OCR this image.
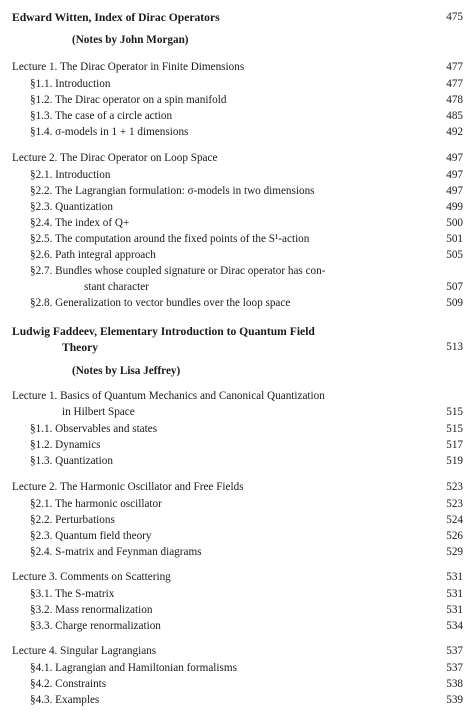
Edward Witten, Index of Dirac Operators	475
(Notes by John Morgan)
Lecture 1. The Dirac Operator in Finite Dimensions	477
§1.1. Introduction	477
§1.2. The Dirac operator on a spin manifold	478
§1.3. The case of a circle action	485
§1.4. σ-models in 1 + 1 dimensions	492
Lecture 2. The Dirac Operator on Loop Space	497
§2.1. Introduction	497
§2.2. The Lagrangian formulation: σ-models in two dimensions	497
§2.3. Quantization	499
§2.4. The index of Q+	500
§2.5. The computation around the fixed points of the S¹-action	501
§2.6. Path integral approach	505
§2.7. Bundles whose coupled signature or Dirac operator has con-
stant character	507
§2.8. Generalization to vector bundles over the loop space	509
Ludwig Faddeev, Elementary Introduction to Quantum Field
Theory	513
(Notes by Lisa Jeffrey)
Lecture 1. Basics of Quantum Mechanics and Canonical Quantization
in Hilbert Space	515
§1.1. Observables and states	515
§1.2. Dynamics	517
§1.3. Quantization	519
Lecture 2. The Harmonic Oscillator and Free Fields	523
§2.1. The harmonic oscillator	523
§2.2. Perturbations	524
§2.3. Quantum field theory	526
§2.4. S-matrix and Feynman diagrams	529
Lecture 3. Comments on Scattering	531
§3.1. The S-matrix	531
§3.2. Mass renormalization	531
§3.3. Charge renormalization	534
Lecture 4. Singular Lagrangians	537
§4.1. Lagrangian and Hamiltonian formalisms	537
§4.2. Constraints	538
§4.3. Examples	539
